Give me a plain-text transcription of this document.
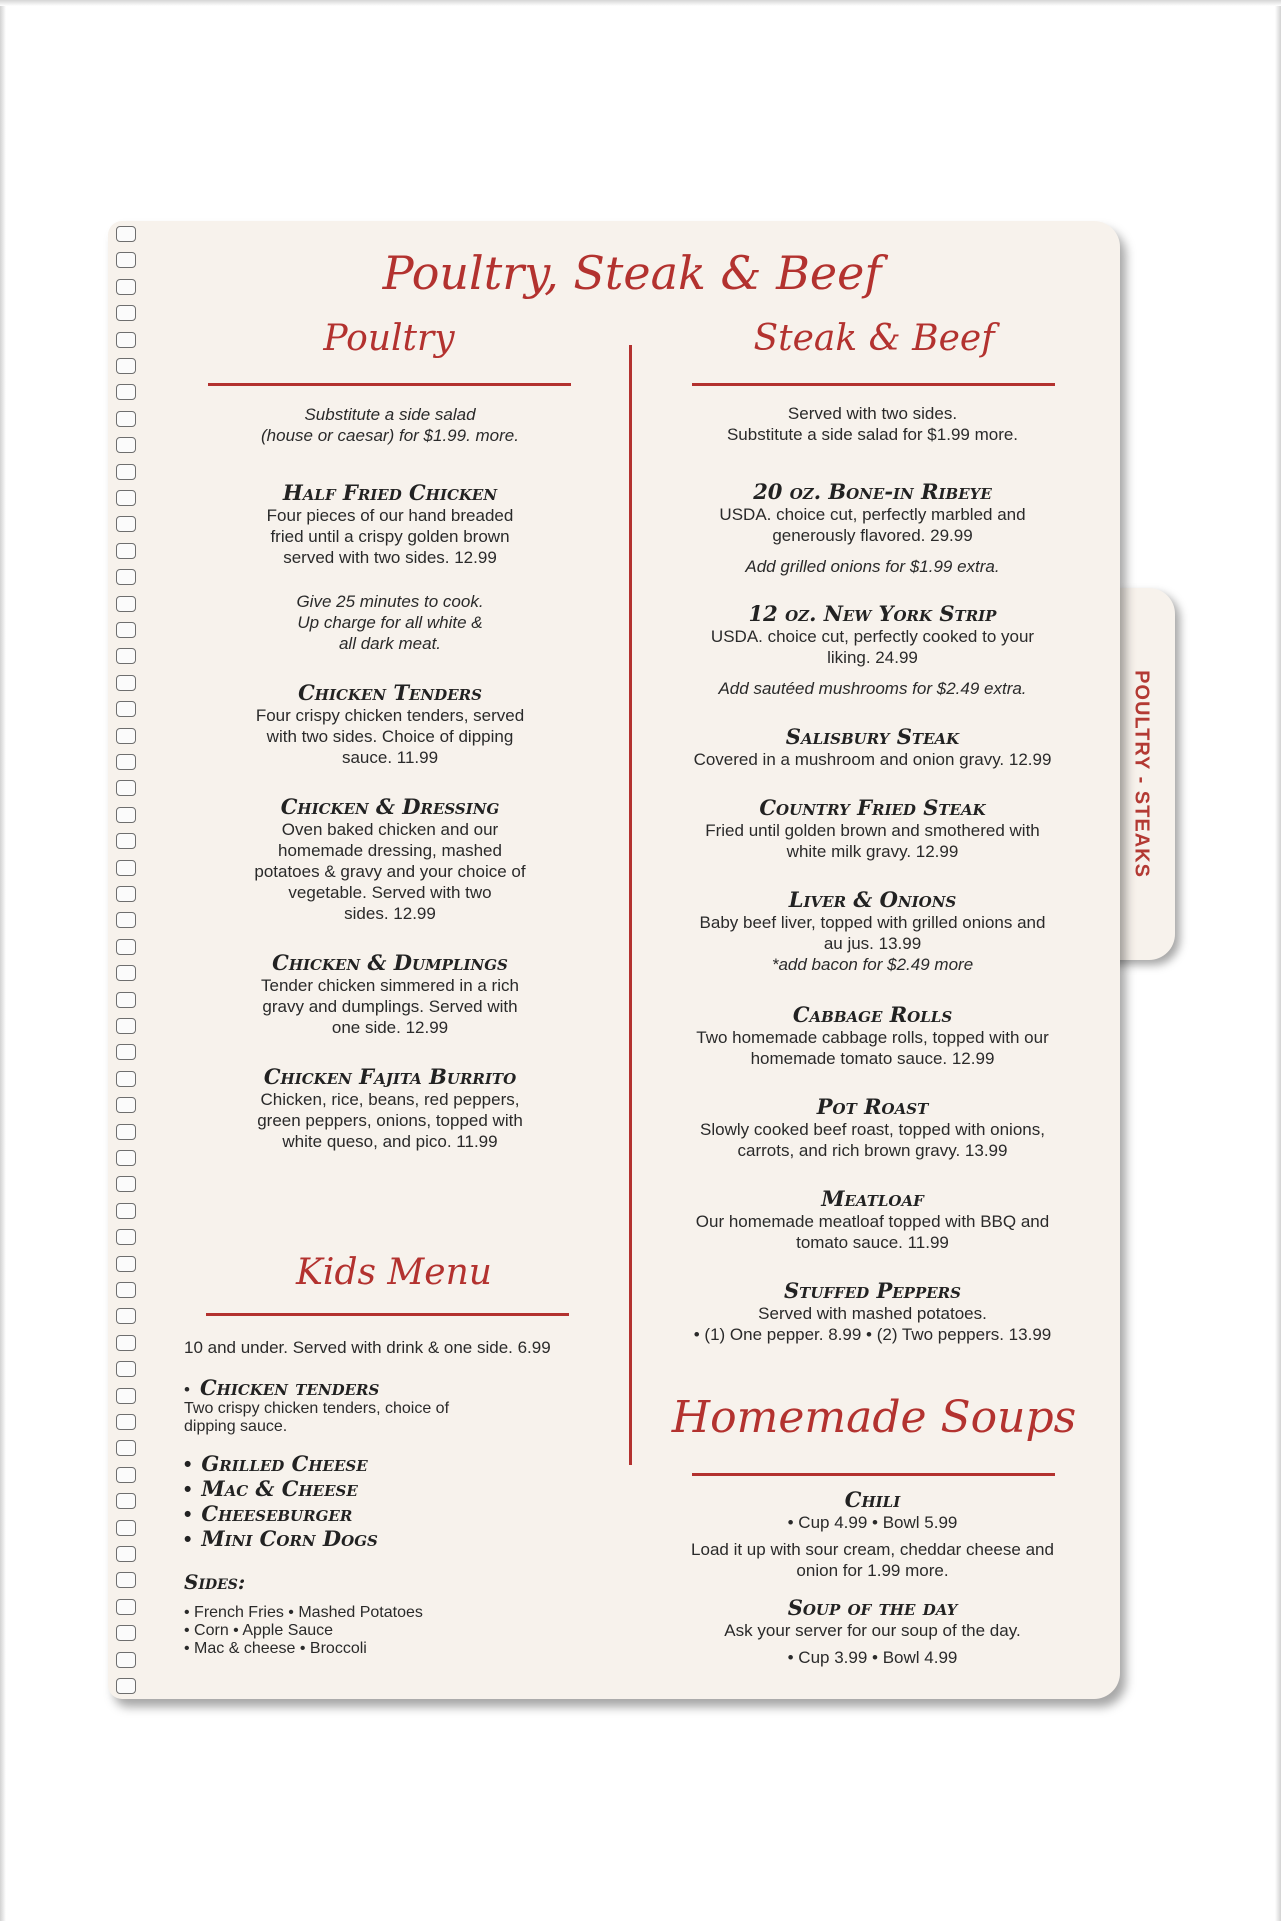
POULTRY - STEAKS
Poultry, Steak & Beef
Poultry
Substitute a side salad
(house or caesar) for $1.99. more.
Half Fried Chicken
Four pieces of our hand breaded
fried until a crispy golden brown
served with two sides. 12.99
Give 25 minutes to cook.
Up charge for all white &
all dark meat.
Chicken Tenders
Four crispy chicken tenders, served
with two sides. Choice of dipping
sauce. 11.99
Chicken & Dressing
Oven baked chicken and our
homemade dressing, mashed
potatoes & gravy and your choice of
vegetable. Served with two
sides. 12.99
Chicken & Dumplings
Tender chicken simmered in a rich
gravy and dumplings. Served with
one side. 12.99
Chicken Fajita Burrito
Chicken, rice, beans, red peppers,
green peppers, onions, topped with
white queso, and pico. 11.99
Kids Menu
10 and under. Served with drink & one side. 6.99
• Chicken tenders
Two crispy chicken tenders, choice of
dipping sauce.
• Grilled Cheese
• Mac & Cheese
• Cheeseburger
• Mini Corn Dogs
Sides:
• French Fries • Mashed Potatoes
• Corn • Apple Sauce
• Mac & cheese • Broccoli
Steak & Beef
Served with two sides.
Substitute a side salad for $1.99 more.
20 oz. Bone-in Ribeye
USDA. choice cut, perfectly marbled and
generously flavored. 29.99
Add grilled onions for $1.99 extra.
12 oz. New York Strip
USDA. choice cut, perfectly cooked to your
liking. 24.99
Add sautéed mushrooms for $2.49 extra.
Salisbury Steak
Covered in a mushroom and onion gravy. 12.99
Country Fried Steak
Fried until golden brown and smothered with
white milk gravy. 12.99
Liver & Onions
Baby beef liver, topped with grilled onions and
au jus. 13.99
*add bacon for $2.49 more
Cabbage Rolls
Two homemade cabbage rolls, topped with our
homemade tomato sauce. 12.99
Pot Roast
Slowly cooked beef roast, topped with onions,
carrots, and rich brown gravy. 13.99
Meatloaf
Our homemade meatloaf topped with BBQ and
tomato sauce. 11.99
Stuffed Peppers
Served with mashed potatoes.
• (1) One pepper. 8.99 • (2) Two peppers. 13.99
Homemade Soups
Chili
• Cup 4.99 • Bowl 5.99
Load it up with sour cream, cheddar cheese and
onion for 1.99 more.
Soup of the day
Ask your server for our soup of the day.
• Cup 3.99 • Bowl 4.99
